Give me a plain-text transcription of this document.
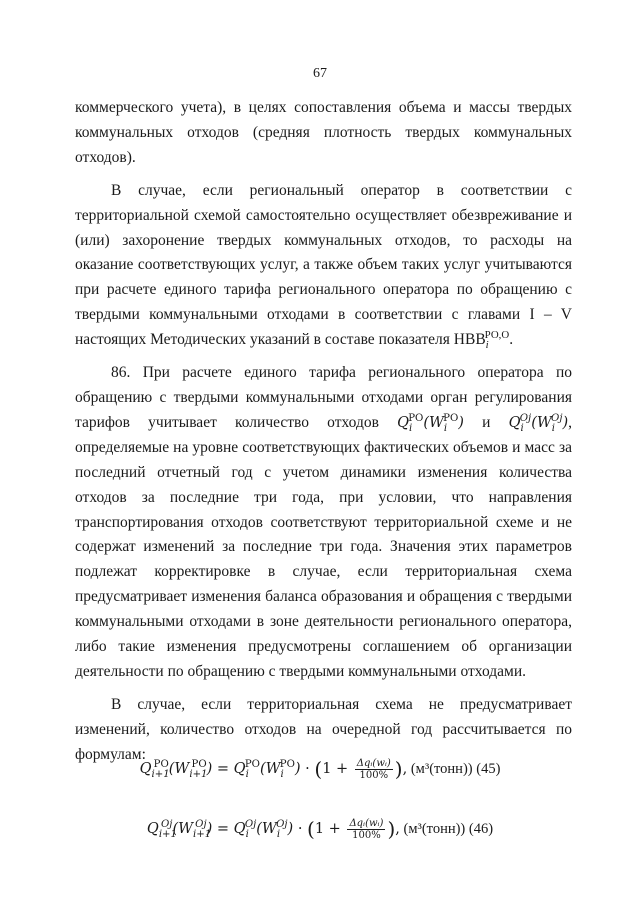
67

коммерческого учета), в целях сопоставления объема и массы твердых коммунальных отходов (средняя плотность твердых коммунальных отходов).

В случае, если региональный оператор в соответствии с территориальной схемой самостоятельно осуществляет обезвреживание и (или) захоронение твердых коммунальных отходов, то расходы на оказание соответствующих услуг, а также объем таких услуг учитываются при расчете единого тарифа регионального оператора по обращению с твердыми коммунальными отходами в соответствии с главами I – V настоящих Методических указаний в составе показателя $НВВ_i^{РО,О}$.

86. При расчете единого тарифа регионального оператора по обращению с твердыми коммунальными отходами орган регулирования тарифов учитывает количество отходов $Q_i^{РО}(W_i^{РО})$ и $Q_i^{Oj}(W_i^{Oj})$, определяемые на уровне соответствующих фактических объемов и масс за последний отчетный год с учетом динамики изменения количества отходов за последние три года, при условии, что направления транспортирования отходов соответствуют территориальной схеме и не содержат изменений за последние три года. Значения этих параметров подлежат корректировке в случае, если территориальная схема предусматривает изменения баланса образования и обращения с твердыми коммунальными отходами в зоне деятельности регионального оператора, либо такие изменения предусмотрены соглашением об организации деятельности по обращению с твердыми коммунальными отходами.

В случае, если территориальная схема не предусматривает изменений, количество отходов на очередной год рассчитывается по формулам:

$Q_{i+1}^{РО}(W_{i+1}^{РО}) = Q_i^{РО}(W_i^{РО}) \cdot (1 + \frac{\text{Δqᵢ(wᵢ)}}{100\%}$ ), (м³(тонн)) (45)
$Q_{i+1}^{Oj}(W_{i+1}^{Oj}) = Q_i^{Oj}(W_i^{Oj}) \cdot (1 + \frac{\text{Δqᵢ(wᵢ)}}{100\%}$ ), (м³(тонн)) (46)
